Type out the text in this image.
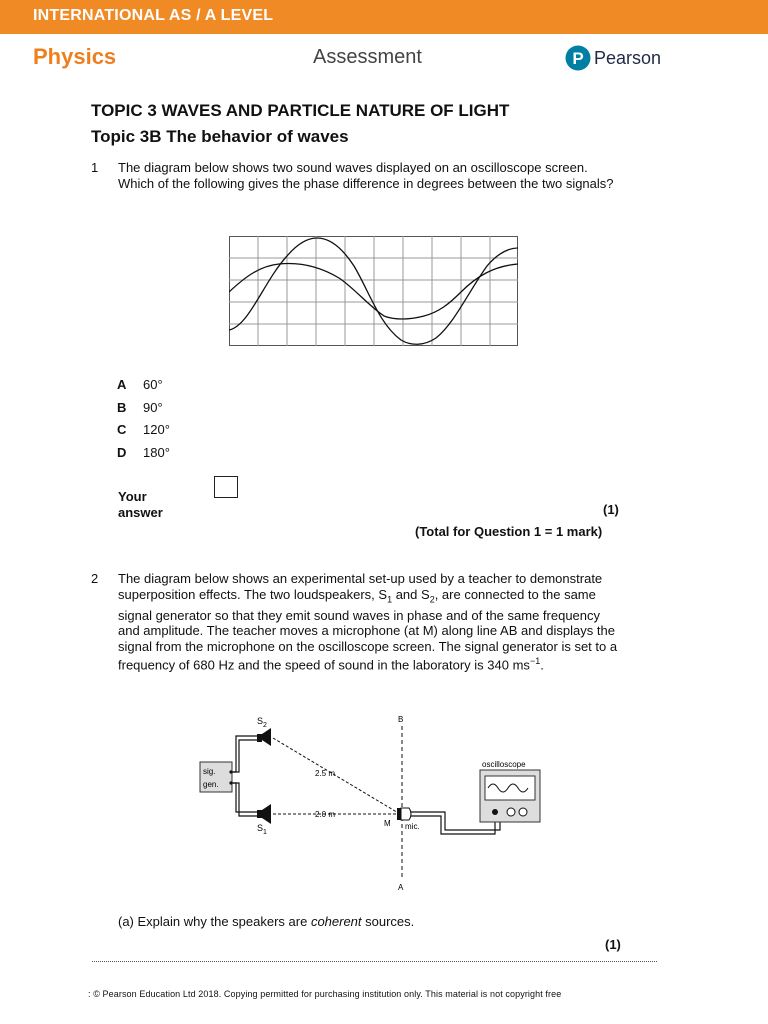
INTERNATIONAL AS / A LEVEL
Physics	Assessment	P Pearson
TOPIC 3 WAVES AND PARTICLE NATURE OF LIGHT
Topic 3B The behavior of waves
1 The diagram below shows two sound waves displayed on an oscilloscope screen. Which of the following gives the phase difference in degrees between the two signals?
A 60°
B 90°
C 120°
D 180°
Your
answer	(1)
(Total for Question 1 = 1 mark)
2 The diagram below shows an experimental set-up used by a teacher to demonstrate superposition effects. The two loudspeakers, $S_1$ and $S_2$, are connected to the same signal generator so that they emit sound waves in phase and of the same frequency and amplitude. The teacher moves a microphone (at M) along line AB and displays the signal from the microphone on the oscilloscope screen. The signal generator is set to a frequency of 680 Hz and the speed of sound in the laboratory is 340 $ms^{-1}$.
sig.
gen.
$S_2$
$S_1$
2.5 m
2.0 m
B
A
M mic.
oscilloscope
(a) Explain why the speakers are coherent sources.
(1)
: © Pearson Education Ltd 2018. Copying permitted for purchasing institution only. This material is not copyright free
